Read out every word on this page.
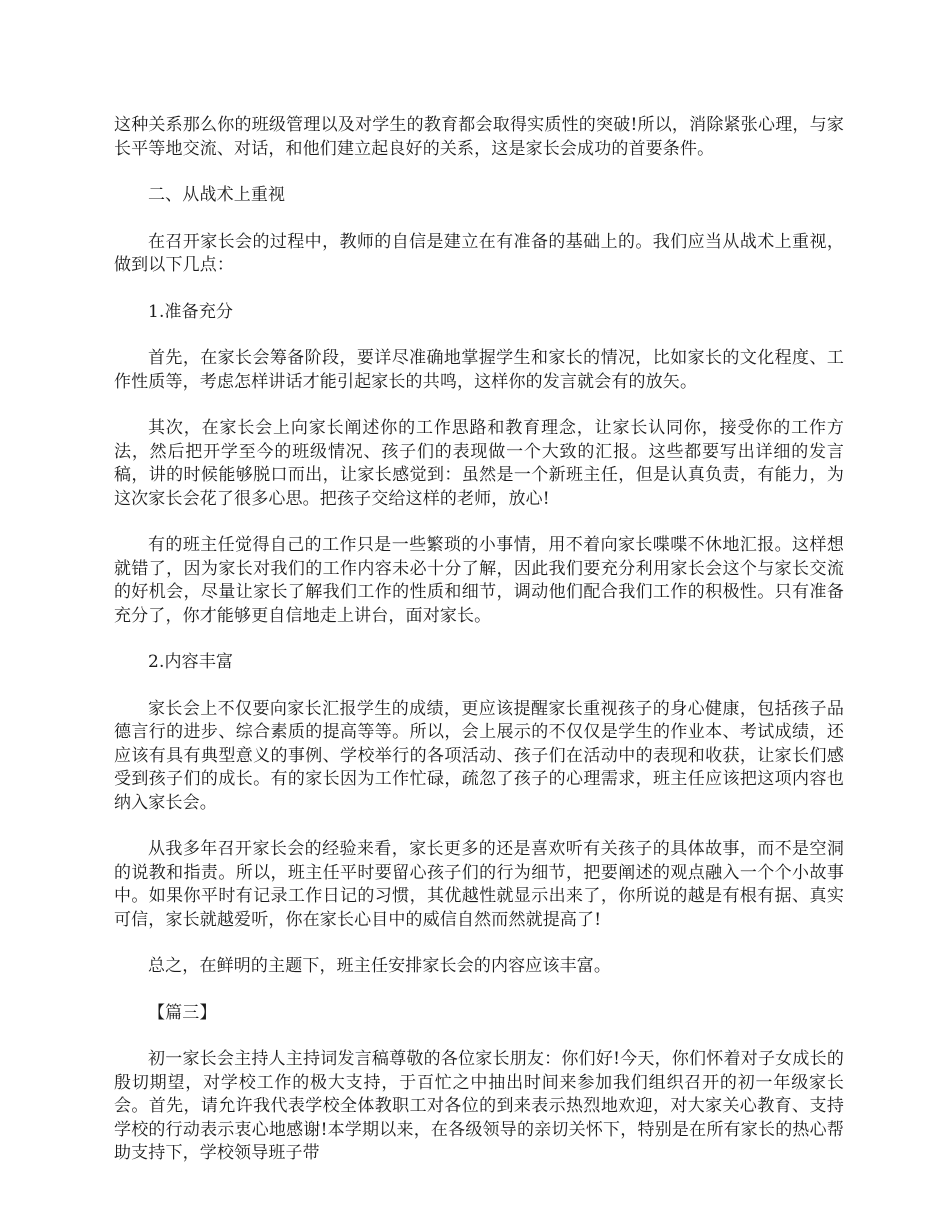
这种关系那么你的班级管理以及对学生的教育都会取得实质性的突破!所以，消除紧张心理，与家长平等地交流、对话，和他们建立起良好的关系，这是家长会成功的首要条件。

二、从战术上重视

在召开家长会的过程中，教师的自信是建立在有准备的基础上的。我们应当从战术上重视，做到以下几点：

1.准备充分

首先，在家长会筹备阶段，要详尽准确地掌握学生和家长的情况，比如家长的文化程度、工作性质等，考虑怎样讲话才能引起家长的共鸣，这样你的发言就会有的放矢。

其次，在家长会上向家长阐述你的工作思路和教育理念，让家长认同你，接受你的工作方法，然后把开学至今的班级情况、孩子们的表现做一个大致的汇报。这些都要写出详细的发言稿，讲的时候能够脱口而出，让家长感觉到：虽然是一个新班主任，但是认真负责，有能力，为这次家长会花了很多心思。把孩子交给这样的老师，放心!

有的班主任觉得自己的工作只是一些繁琐的小事情，用不着向家长喋喋不休地汇报。这样想就错了，因为家长对我们的工作内容未必十分了解，因此我们要充分利用家长会这个与家长交流的好机会，尽量让家长了解我们工作的性质和细节，调动他们配合我们工作的积极性。只有准备充分了，你才能够更自信地走上讲台，面对家长。

2.内容丰富

家长会上不仅要向家长汇报学生的成绩，更应该提醒家长重视孩子的身心健康，包括孩子品德言行的进步、综合素质的提高等等。所以，会上展示的不仅仅是学生的作业本、考试成绩，还应该有具有典型意义的事例、学校举行的各项活动、孩子们在活动中的表现和收获，让家长们感受到孩子们的成长。有的家长因为工作忙碌，疏忽了孩子的心理需求，班主任应该把这项内容也纳入家长会。

从我多年召开家长会的经验来看，家长更多的还是喜欢听有关孩子的具体故事，而不是空洞的说教和指责。所以，班主任平时要留心孩子们的行为细节，把要阐述的观点融入一个个小故事中。如果你平时有记录工作日记的习惯，其优越性就显示出来了，你所说的越是有根有据、真实可信，家长就越爱听，你在家长心目中的威信自然而然就提高了!

总之，在鲜明的主题下，班主任安排家长会的内容应该丰富。

【篇三】

初一家长会主持人主持词发言稿尊敬的各位家长朋友：你们好!今天，你们怀着对子女成长的殷切期望，对学校工作的极大支持，于百忙之中抽出时间来参加我们组织召开的初一年级家长会。首先，请允许我代表学校全体教职工对各位的到来表示热烈地欢迎，对大家关心教育、支持学校的行动表示衷心地感谢!本学期以来，在各级领导的亲切关怀下，特别是在所有家长的热心帮助支持下，学校领导班子带
